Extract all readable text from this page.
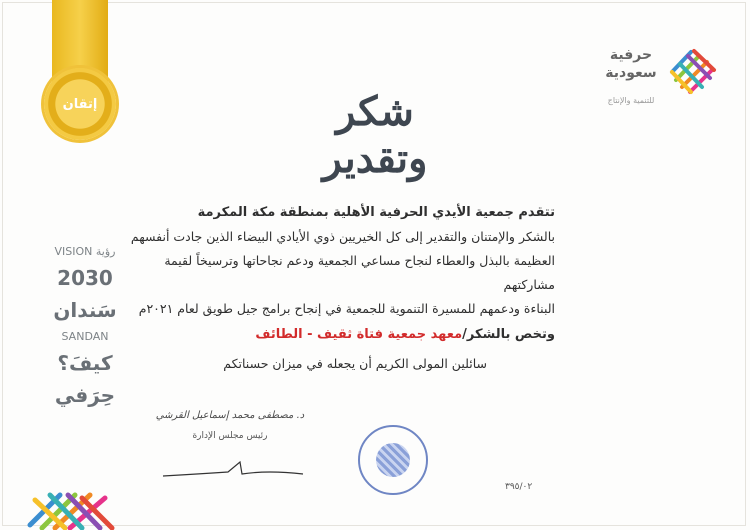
إتقان	شكر وتقدير
حرفية سعودية
للتنمية والإنتاج
VISION رؤية
2030
سَندان
SANDAN
كيفَ؟
حِرَفي
تتقدم جمعية الأيدي الحرفية الأهلية بمنطقة مكة المكرمة
بالشكر والإمتنان والتقدير إلى كل الخيريين ذوي الأيادي البيضاء الذين جادت أنفسهم
العظيمة بالبذل والعطاء لنجاح مساعي الجمعية ودعم نجاحاتها وترسيخاً لقيمة مشاركتهم
البناءة ودعمهم للمسيرة التنموية للجمعية في إنجاح برامج جيل طويق لعام ٢٠٢١م
وتخص بالشكر/معهد جمعية فتاة ثقيف - الطائف
سائلين المولى الكريم أن يجعله في ميزان حسناتكم
د. مصطفى محمد إسماعيل القرشي
رئيس مجلس الإدارة
٣٩٥/٠٢
